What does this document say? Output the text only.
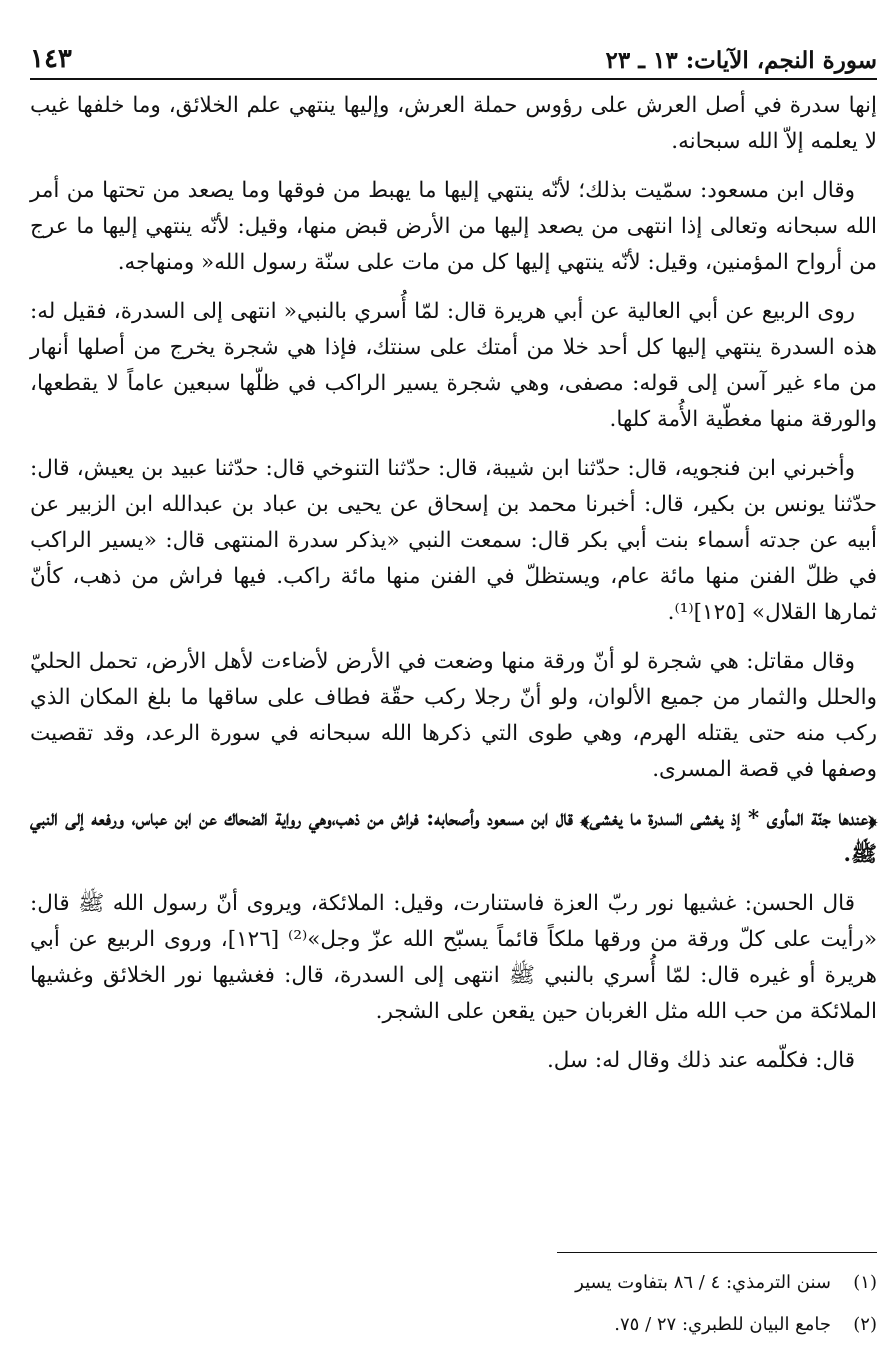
سورة النجم، الآيات: ١٣ ـ ٢٣
١٤٣

إنها سدرة في أصل العرش على رؤوس حملة العرش، وإليها ينتهي علم الخلائق، وما خلفها غيب لا يعلمه إلاّ الله سبحانه.

وقال ابن مسعود: سمّيت بذلك؛ لأنّه ينتهي إليها ما يهبط من فوقها وما يصعد من تحتها من أمر الله سبحانه وتعالى إذا انتهى من يصعد إليها من الأرض قبض منها، وقيل: لأنّه ينتهي إليها ما عرج من أرواح المؤمنين، وقيل: لأنّه ينتهي إليها كل من مات على سنّة رسول الله« ومنهاجه.

روى الربيع عن أبي العالية عن أبي هريرة قال: لمّا أُسري بالنبي« انتهى إلى السدرة، فقيل له: هذه السدرة ينتهي إليها كل أحد خلا من أمتك على سنتك، فإذا هي شجرة يخرج من أصلها أنهار من ماء غير آسن إلى قوله: مصفى، وهي شجرة يسير الراكب في ظلّها سبعين عاماً لا يقطعها، والورقة منها مغطّية الأُمة كلها.

وأخبرني ابن فنجويه، قال: حدّثنا ابن شيبة، قال: حدّثنا التنوخي قال: حدّثنا عبيد بن يعيش، قال: حدّثنا يونس بن بكير، قال: أخبرنا محمد بن إسحاق عن يحيى بن عباد بن عبدالله ابن الزبير عن أبيه عن جدته أسماء بنت أبي بكر قال: سمعت النبي «يذكر سدرة المنتهى قال: «يسير الراكب في ظلّ الفنن منها مائة عام، ويستظلّ في الفنن منها مائة راكب. فيها فراش من ذهب، كأنّ ثمارها القلال» [١٢٥]⁽¹⁾.

وقال مقاتل: هي شجرة لو أنّ ورقة منها وضعت في الأرض لأضاءت لأهل الأرض، تحمل الحليّ والحلل والثمار من جميع الألوان، ولو أنّ رجلا ركب حقّة فطاف على ساقها ما بلغ المكان الذي ركب منه حتى يقتله الهرم، وهي طوى التي ذكرها الله سبحانه في سورة الرعد، وقد تقصيت وصفها في قصة المسرى.

﴿عندها جنّة المأوى * إذ يغشى السدرة ما يغشى﴾ قال ابن مسعود وأصحابه: فراش من ذهب،وهي رواية الضحاك عن ابن عباس، ورفعه إلى النبي ﷺ.

قال الحسن: غشيها نور ربّ العزة فاستنارت، وقيل: الملائكة، ويروى أنّ رسول الله ﷺ قال: «رأيت على كلّ ورقة من ورقها ملكاً قائماً يسبّح الله عزّ وجل»⁽²⁾ [١٢٦]، وروى الربيع عن أبي هريرة أو غيره قال: لمّا أُسري بالنبي ﷺ انتهى إلى السدرة، قال: فغشيها نور الخلائق وغشيها الملائكة من حب الله مثل الغربان حين يقعن على الشجر.

قال: فكلّمه عند ذلك وقال له: سل.

(١)
سنن الترمذي: ٤ / ٨٦ بتفاوت يسير
(٢)
جامع البيان للطبري: ٢٧ / ٧٥.
